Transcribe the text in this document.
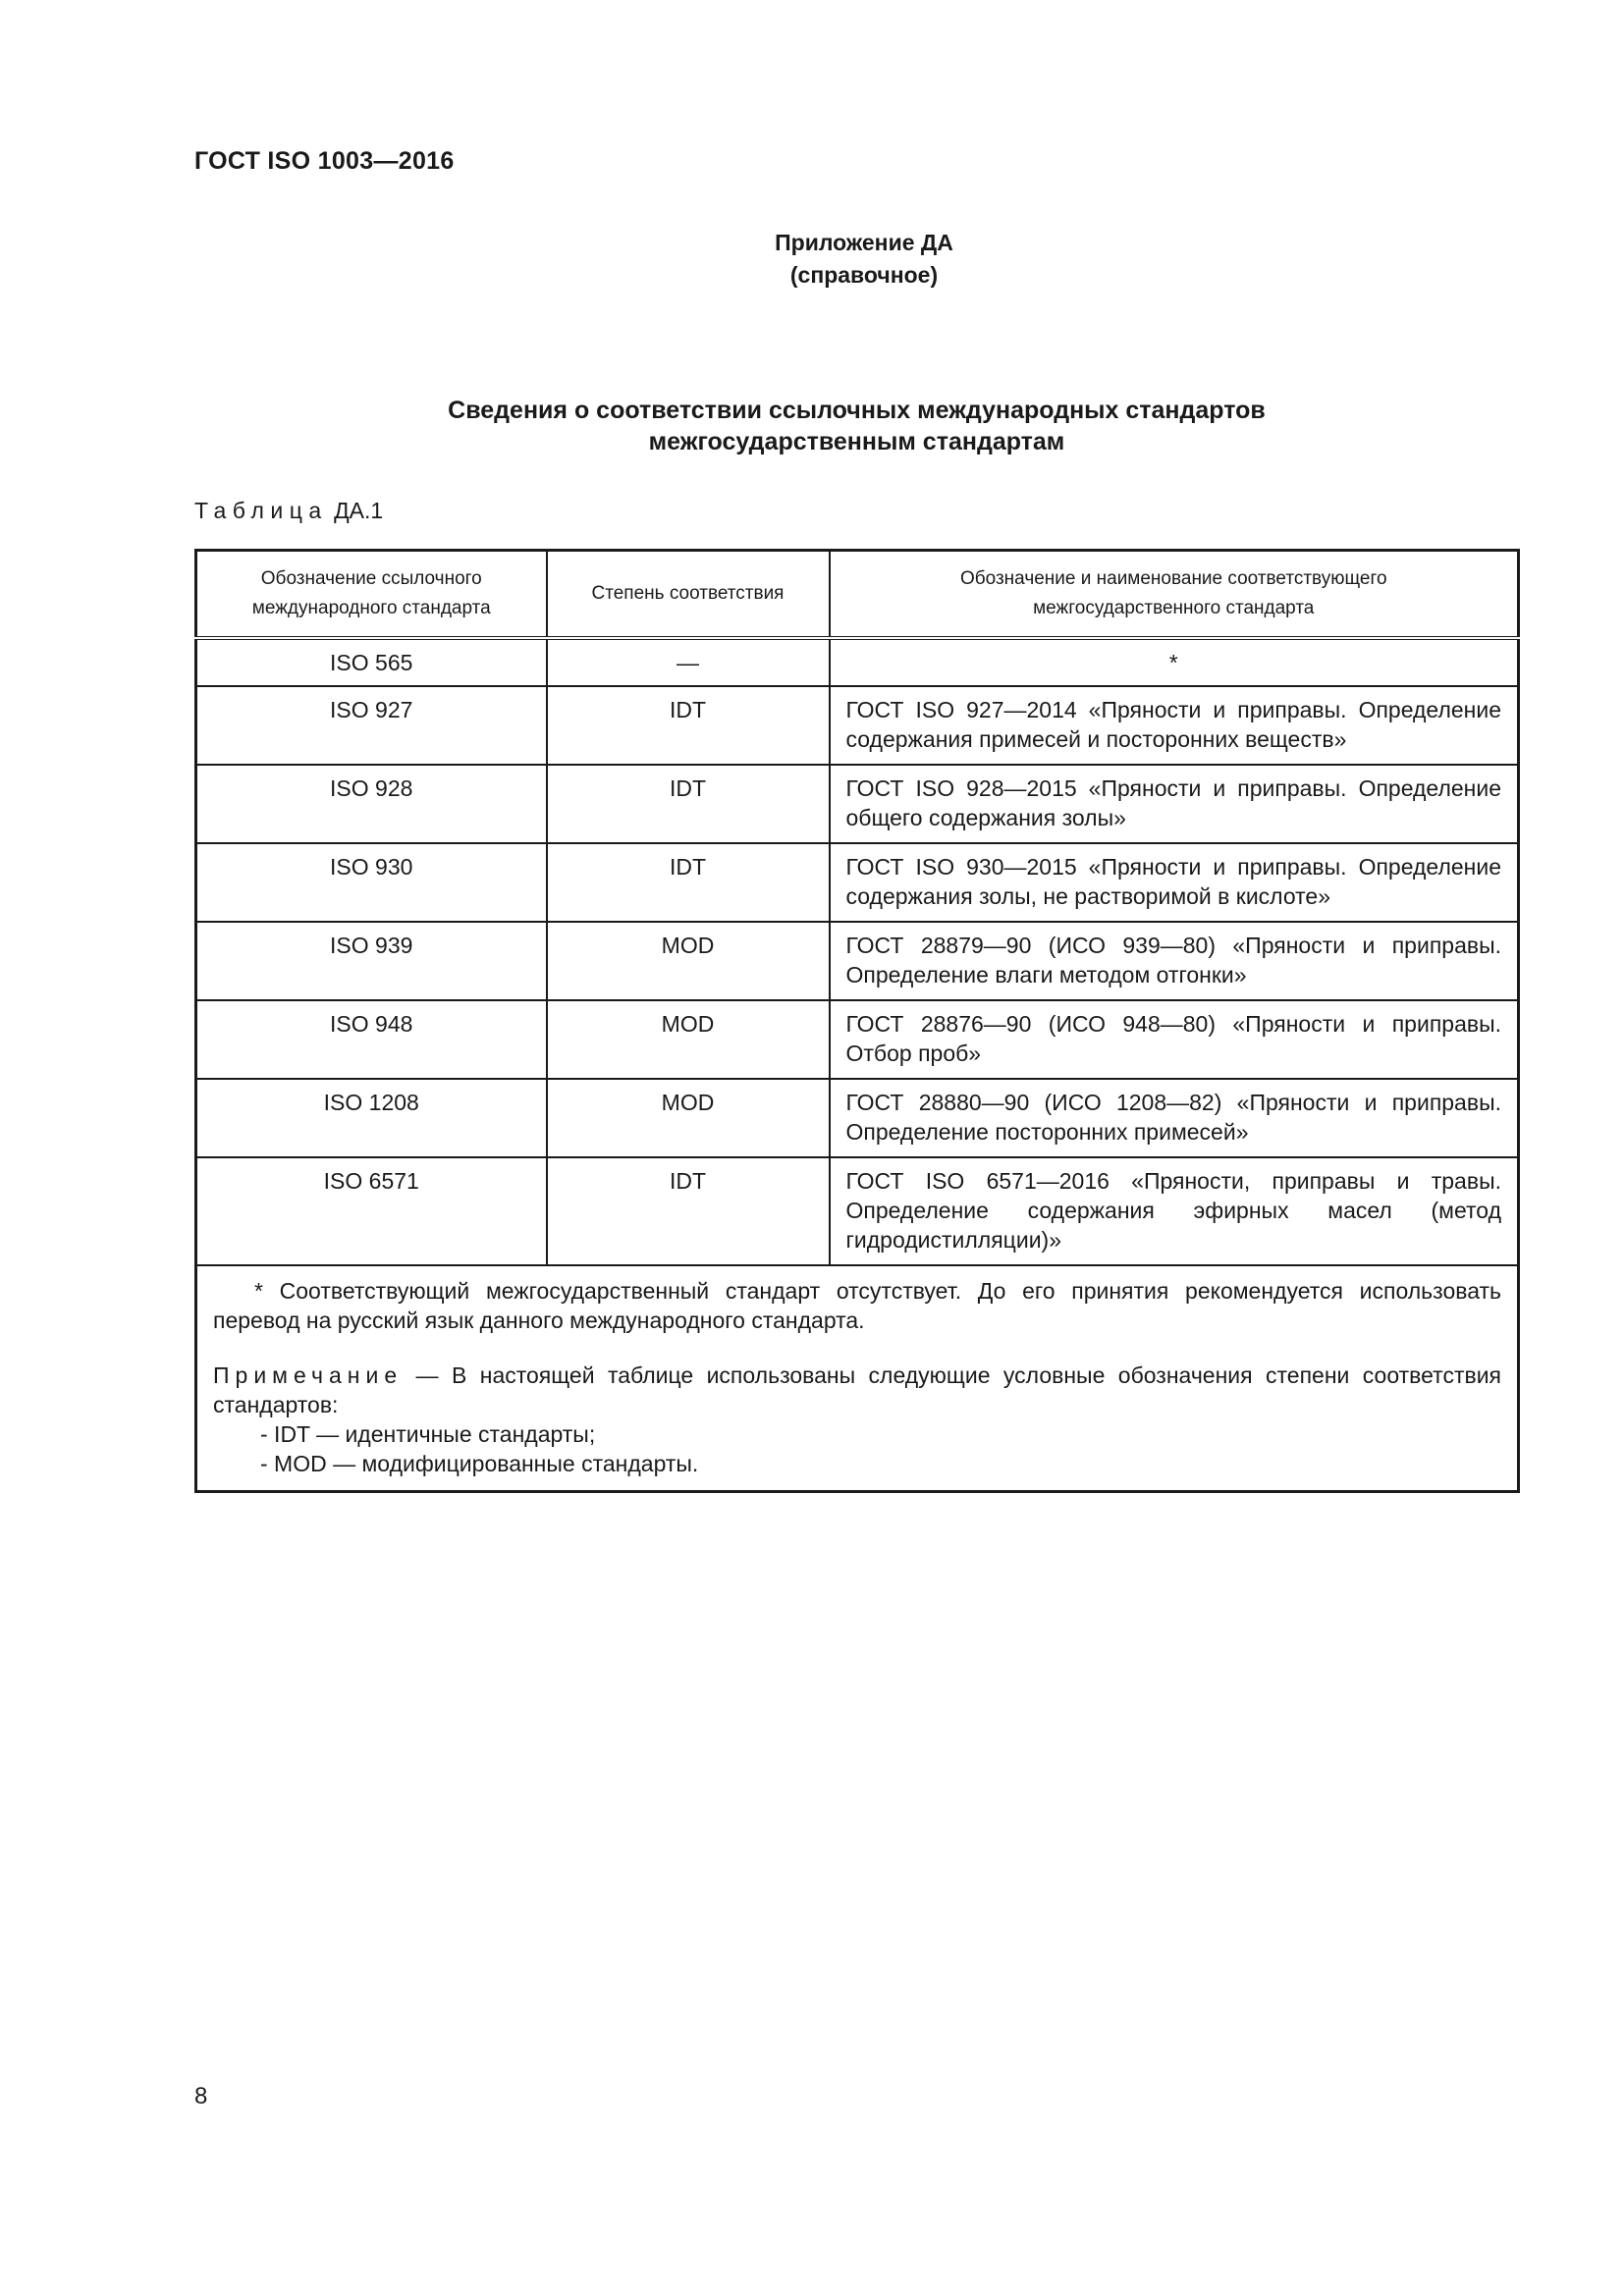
ГОСТ ISO 1003—2016
Приложение ДА
(справочное)
Сведения о соответствии ссылочных международных стандартов
межгосударственным стандартам
Таблица ДА.1
Обозначение ссылочного международного стандарта	Степень соответствия	Обозначение и наименование соответствующего межгосударственного стандарта
ISO 565	—	*
ISO 927	IDT	ГОСТ ISO 927—2014 «Пряности и приправы. Определение содержания примесей и посторонних веществ»
ISO 928	IDT	ГОСТ ISO 928—2015 «Пряности и приправы. Определение общего содержания золы»
ISO 930	IDT	ГОСТ ISO 930—2015 «Пряности и приправы. Определение содержания золы, не растворимой в кислоте»
ISO 939	MOD	ГОСТ 28879—90 (ИСО 939—80) «Пряности и приправы. Определение влаги методом отгонки»
ISO 948	MOD	ГОСТ 28876—90 (ИСО 948—80) «Пряности и приправы. Отбор проб»
ISO 1208	MOD	ГОСТ 28880—90 (ИСО 1208—82) «Пряности и приправы. Определение посторонних примесей»
ISO 6571	IDT	ГОСТ ISO 6571—2016 «Пряности, приправы и травы. Определение содержания эфирных масел (метод гидродистилляции)»

* Соответствующий межгосударственный стандарт отсутствует. До его принятия рекомендуется использовать перевод на русский язык данного международного стандарта.

Примечание — В настоящей таблице использованы следующие условные обозначения степени соответствия стандартов:

- IDT — идентичные стандарты;

- MOD — модифицированные стандарты.		

8
